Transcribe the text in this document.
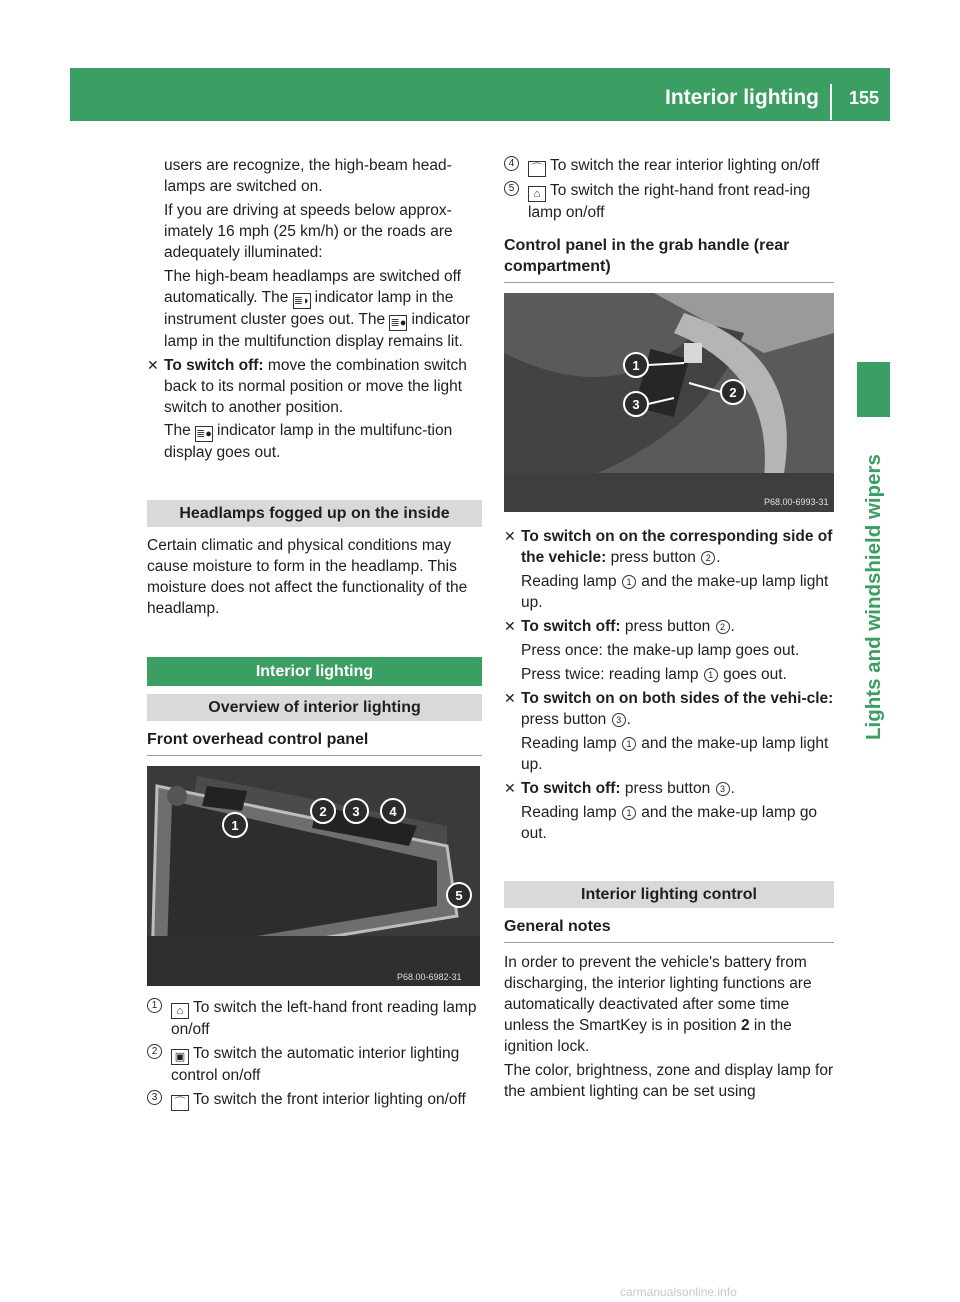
Interior lighting	155
Lights and windshield wipers

users are recognize, the high-beam head-lamps are switched on.

If you are driving at speeds below approx-imately 16 mph (25 km/h) or the roads are adequately illuminated:

The high-beam headlamps are switched off automatically. The ≣◗ indicator lamp in the instrument cluster goes out. The ≣● indicator lamp in the multifunction display remains lit.

✕ To switch off: move the combination switch back to its normal position or move the light switch to another position.
The ≣● indicator lamp in the multifunc-tion display goes out.
Headlamps fogged up on the inside

Certain climatic and physical conditions may cause moisture to form in the headlamp. This moisture does not affect the functionality of the headlamp.

Interior lighting
Overview of interior lighting
Front overhead control panel
P68.00-6982-31
1
2 3 4
5
1	⌂ To switch the left-hand front reading lamp on/off
2	▣ To switch the automatic interior lighting control on/off
3	⌒ To switch the front interior lighting on/off
4	⌒ To switch the rear interior lighting on/off
5	⌂ To switch the right-hand front read-ing lamp on/off
Control panel in the grab handle (rear compartment)
P68.00-6993-31
1
2
3
✕ To switch on on the corresponding side of the vehicle: press button 2 .
Reading lamp 1 and the make-up lamp light up.
✕ To switch off: press button 2 .
Press once: the make-up lamp goes out.
Press twice: reading lamp 1 goes out.
✕ To switch on on both sides of the vehi-cle: press button 3 .
Reading lamp 1 and the make-up lamp light up.
✕ To switch off: press button 3 .
Reading lamp 1 and the make-up lamp go out.
Interior lighting control
General notes

In order to prevent the vehicle's battery from discharging, the interior lighting functions are automatically deactivated after some time unless the SmartKey is in position 2 in the ignition lock.

The color, brightness, zone and display lamp for the ambient lighting can be set using

carmanualsonline.info
